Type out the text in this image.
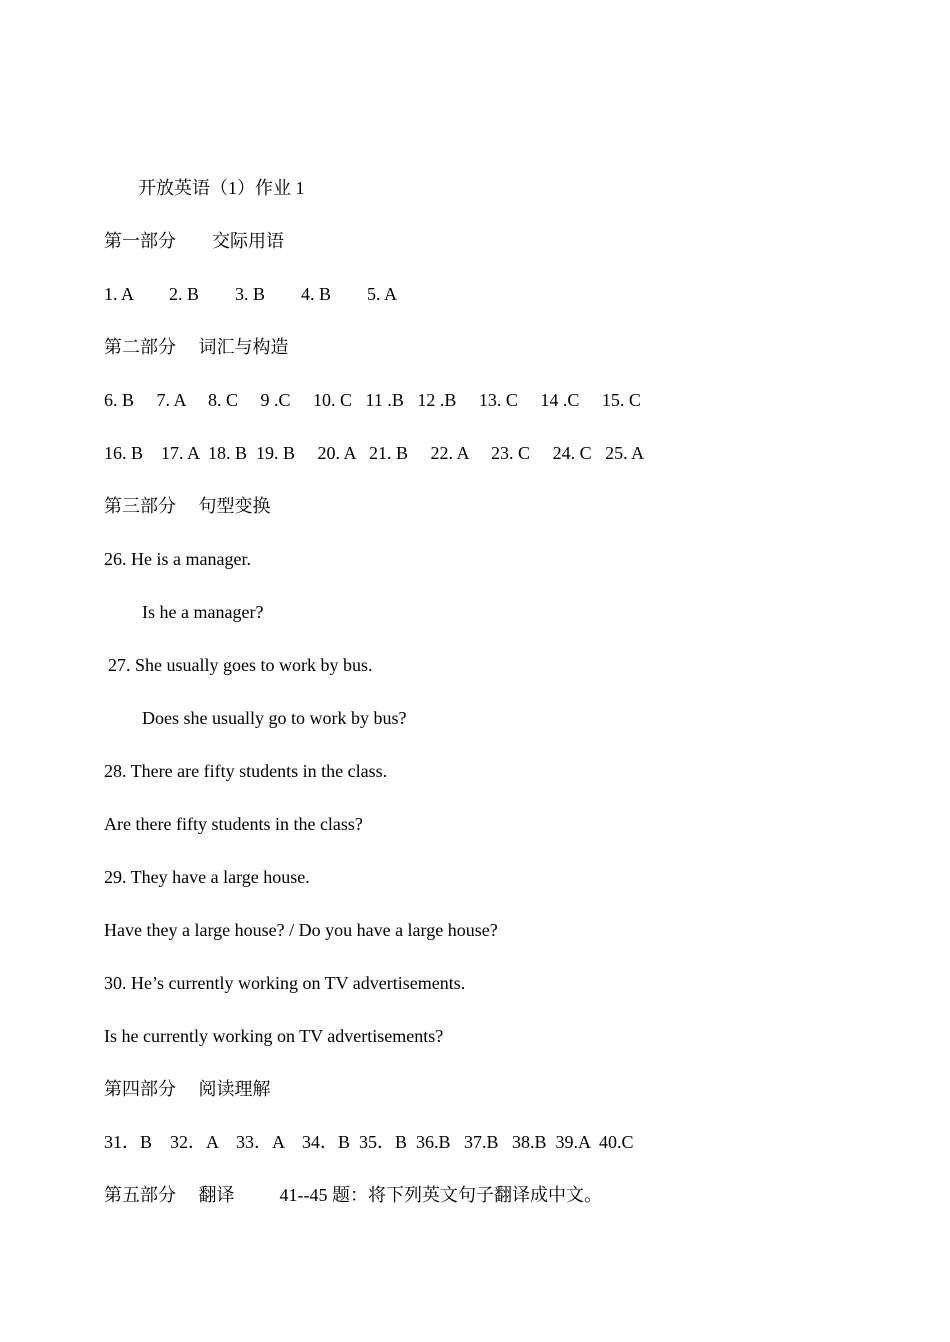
开放英语（1）作业 1
第一部分        交际用语
1. A        2. B        3. B        4. B        5. A
第二部分     词汇与构造
6. B     7. A     8. C     9 .C     10. C   11 .B   12 .B     13. C     14 .C     15. C
16. B    17. A  18. B  19. B     20. A   21. B     22. A     23. C     24. C   25. A
第三部分     句型变换
26. He is a manager.
Is he a manager?
27. She usually goes to work by bus.
Does she usually go to work by bus?
28. There are fifty students in the class.
Are there fifty students in the class?
29. They have a large house.
Have they a large house? / Do you have a large house?
30. He’s currently working on TV advertisements.
Is he currently working on TV advertisements?
第四部分     阅读理解
31．B    32．A    33．A    34．B  35．B  36.B   37.B   38.B  39.A  40.C
第五部分     翻译          41--45 题：将下列英文句子翻译成中文。
